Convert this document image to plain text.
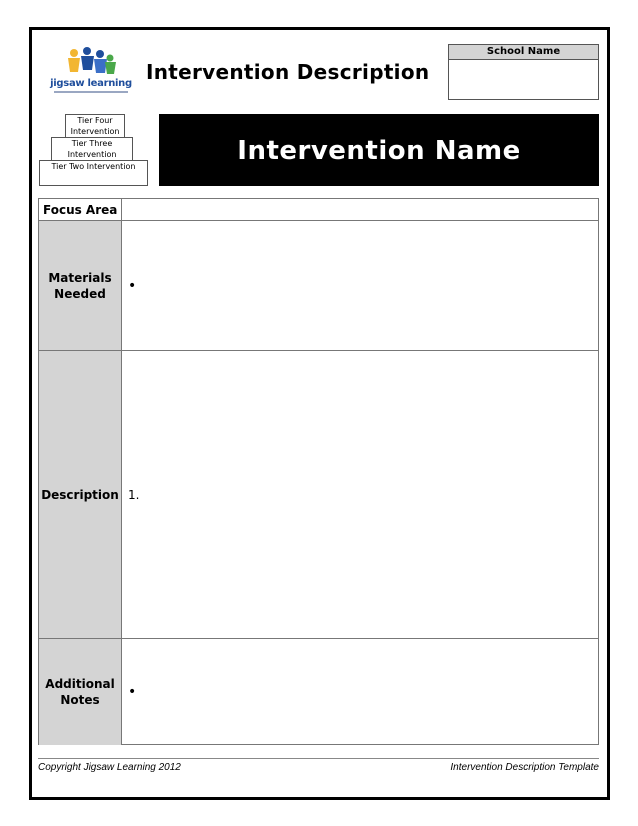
jigsaw learning Intervention Description
School Name
Tier Four Intervention
Tier Three Intervention
Tier Two Intervention
Intervention Name
Focus Area
Materials Needed	•
Description 1.
Additional Notes	•
Copyright Jigsaw Learning 2012	Intervention Description Template
